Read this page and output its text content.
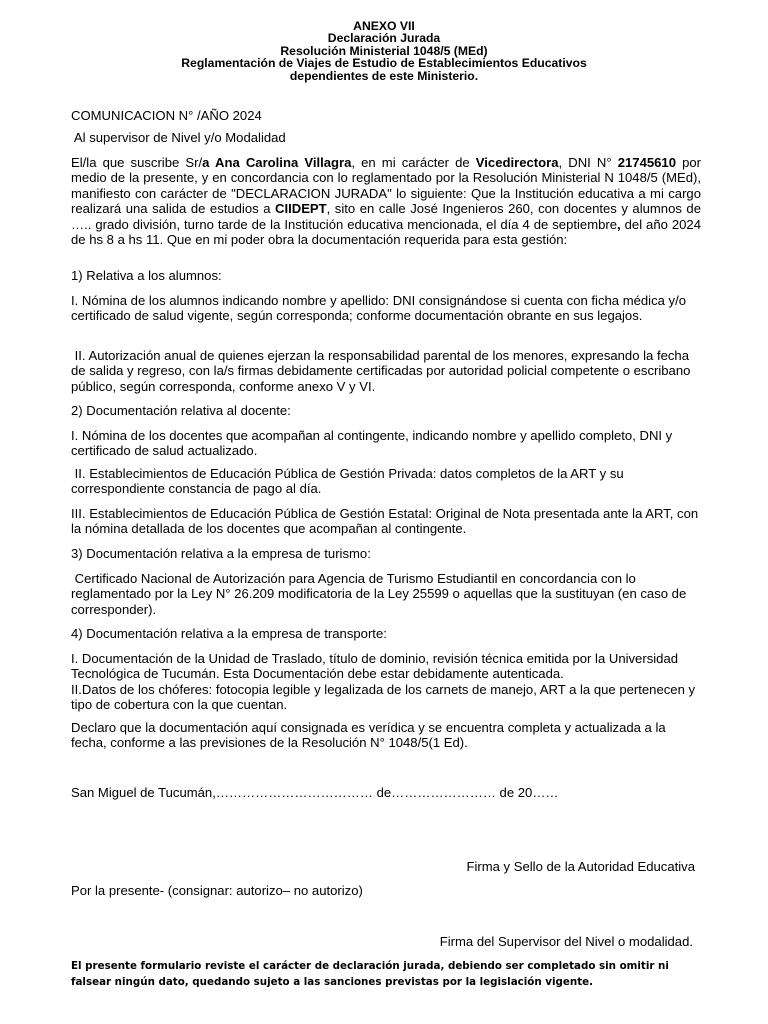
ANEXO VII
Declaración Jurada
Resolución Ministerial 1048/5 (MEd)
Reglamentación de Viajes de Estudio de Establecimientos Educativos
dependientes de este Ministerio.
COMUNICACION N° /AÑO 2024
Al supervisor de Nivel y/o Modalidad
El/la que suscribe Sr/a Ana Carolina Villagra, en mi carácter de Vicedirectora, DNI N° 21745610 por medio de la presente, y en concordancia con lo reglamentado por la Resolución Ministerial N 1048/5 (MEd), manifiesto con carácter de "DECLARACION JURADA" lo siguiente: Que la Institución educativa a mi cargo realizará una salida de estudios a CIIDEPT, sito en calle José Ingenieros 260, con docentes y alumnos de ….. grado división, turno tarde de la Institución educativa mencionada, el día 4 de septiembre, del año 2024 de hs 8 a hs 11. Que en mi poder obra la documentación requerida para esta gestión:
1) Relativa a los alumnos:
I. Nómina de los alumnos indicando nombre y apellido: DNI consignándose si cuenta con ficha médica y/o certificado de salud vigente, según corresponda; conforme documentación obrante en sus legajos.
II. Autorización anual de quienes ejerzan la responsabilidad parental de los menores, expresando la fecha de salida y regreso, con la/s firmas debidamente certificadas por autoridad policial competente o escribano público, según corresponda, conforme anexo V y VI.
2) Documentación relativa al docente:
I. Nómina de los docentes que acompañan al contingente, indicando nombre y apellido completo, DNI y certificado de salud actualizado.
II. Establecimientos de Educación Pública de Gestión Privada: datos completos de la ART y su correspondiente constancia de pago al día.
III. Establecimientos de Educación Pública de Gestión Estatal: Original de Nota presentada ante la ART, con la nómina detallada de los docentes que acompañan al contingente.
3) Documentación relativa a la empresa de turismo:
Certificado Nacional de Autorización para Agencia de Turismo Estudiantil en concordancia con lo reglamentado por la Ley N° 26.209 modificatoria de la Ley 25599 o aquellas que la sustituyan (en caso de corresponder).
4) Documentación relativa a la empresa de transporte:
I. Documentación de la Unidad de Traslado, título de dominio, revisión técnica emitida por la Universidad Tecnológica de Tucumán. Esta Documentación debe estar debidamente autenticada.
II.Datos de los chóferes: fotocopia legible y legalizada de los carnets de manejo, ART a la que pertenecen y tipo de cobertura con la que cuentan.
Declaro que la documentación aquí consignada es verídica y se encuentra completa y actualizada a la fecha, conforme a las previsiones de la Resolución N° 1048/5(1 Ed).
San Miguel de Tucumán,……………………………… de…………………… de 20……
Firma y Sello de la Autoridad Educativa
Por la presente- (consignar: autorizo– no autorizo)
Firma del Supervisor del Nivel o modalidad.
El presente formulario reviste el carácter de declaración jurada, debiendo ser completado sin omitir ni falsear ningún dato, quedando sujeto a las sanciones previstas por la legislación vigente.
